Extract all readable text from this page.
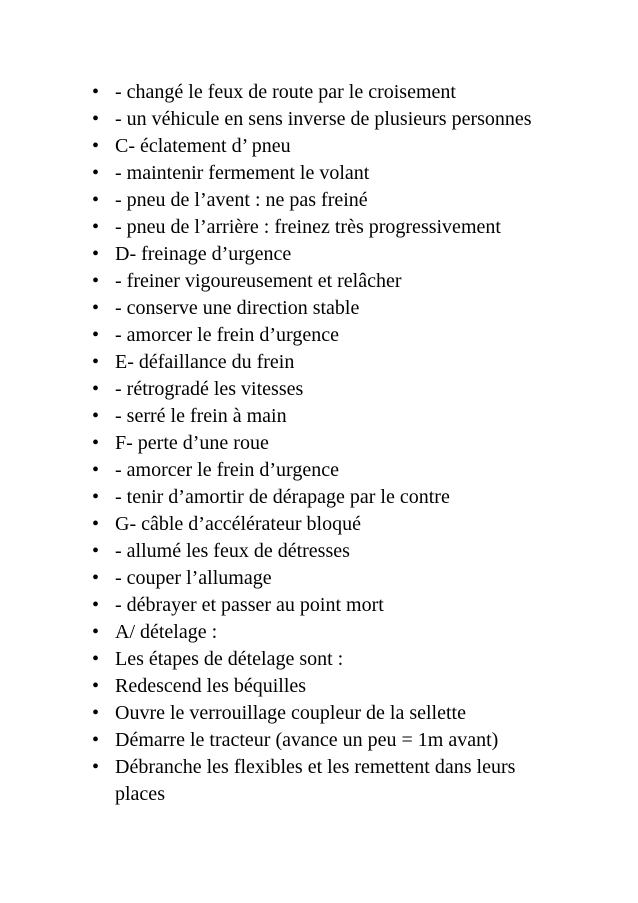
• - changé le feux de route par le croisement
• - un véhicule en sens inverse de plusieurs personnes
• C- éclatement d’ pneu
• - maintenir fermement le volant
• - pneu de l’avent : ne pas freiné
• - pneu de l’arrière : freinez très progressivement
• D- freinage d’urgence
• - freiner vigoureusement et relâcher
• - conserve une direction stable
• - amorcer le frein d’urgence
• E- défaillance du frein
• - rétrogradé les vitesses
• - serré le frein à main
• F- perte d’une roue
• - amorcer le frein d’urgence
• - tenir d’amortir de dérapage par le contre
• G- câble d’accélérateur bloqué
• - allumé les feux de détresses
• - couper l’allumage
• - débrayer et passer au point mort
• A/ dételage :
• Les étapes de dételage sont :
• Redescend les béquilles
• Ouvre le verrouillage coupleur de la sellette
• Démarre le tracteur (avance un peu = 1m avant)
• Débranche les flexibles et les remettent dans leurs places
